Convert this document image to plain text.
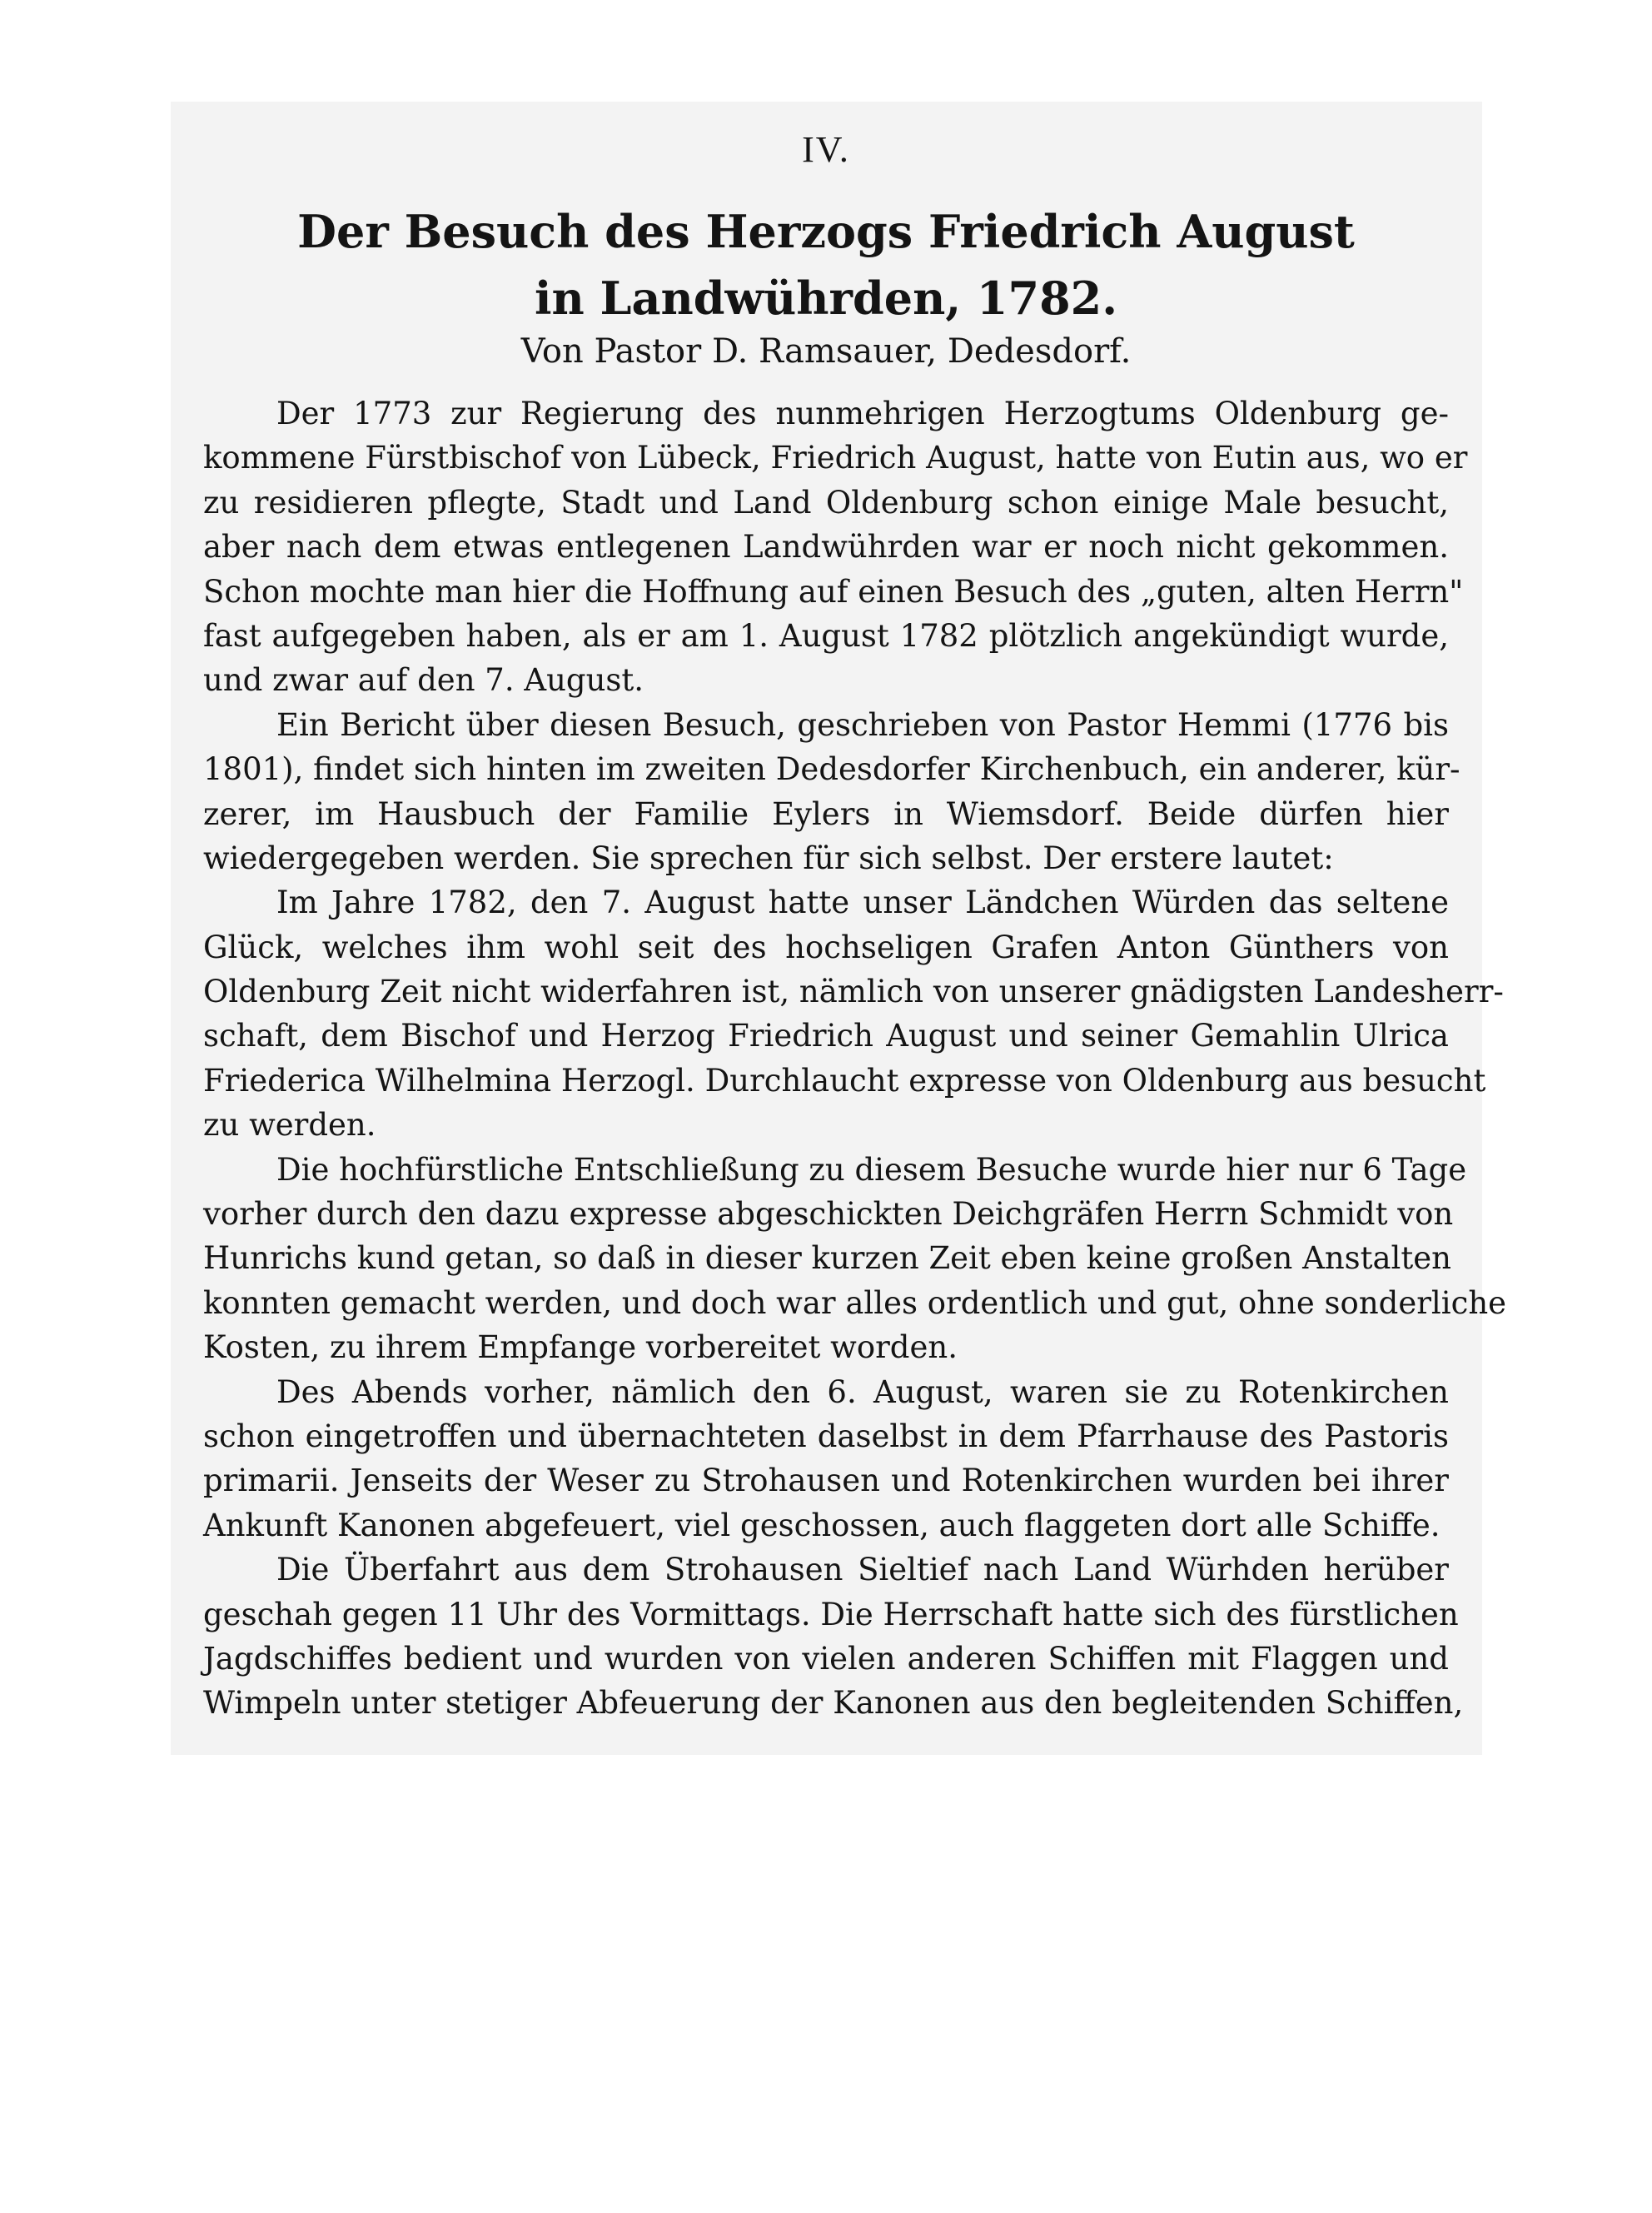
IV.
Der Besuch des Herzogs Friedrich August
in Landwührden, 1782.
Von Pastor D. Ramsauer, Dedesdorf.
Der 1773 zur Regierung des nunmehrigen Herzogtums Oldenburg ge-
kommene Fürstbischof von Lübeck, Friedrich August, hatte von Eutin aus, wo er
zu residieren pflegte, Stadt und Land Oldenburg schon einige Male besucht,
aber nach dem etwas entlegenen Landwührden war er noch nicht gekommen.
Schon mochte man hier die Hoffnung auf einen Besuch des „guten, alten Herrn"
fast aufgegeben haben, als er am 1. August 1782 plötzlich angekündigt wurde,
und zwar auf den 7. August.
Ein Bericht über diesen Besuch, geschrieben von Pastor Hemmi (1776 bis
1801), findet sich hinten im zweiten Dedesdorfer Kirchenbuch, ein anderer, kür-
zerer, im Hausbuch der Familie Eylers in Wiemsdorf. Beide dürfen hier
wiedergegeben werden. Sie sprechen für sich selbst. Der erstere lautet:
Im Jahre 1782, den 7. August hatte unser Ländchen Würden das seltene
Glück, welches ihm wohl seit des hochseligen Grafen Anton Günthers von
Oldenburg Zeit nicht widerfahren ist, nämlich von unserer gnädigsten Landesherr-
schaft, dem Bischof und Herzog Friedrich August und seiner Gemahlin Ulrica
Friederica Wilhelmina Herzogl. Durchlaucht expresse von Oldenburg aus besucht
zu werden.
Die hochfürstliche Entschließung zu diesem Besuche wurde hier nur 6 Tage
vorher durch den dazu expresse abgeschickten Deichgräfen Herrn Schmidt von
Hunrichs kund getan, so daß in dieser kurzen Zeit eben keine großen Anstalten
konnten gemacht werden, und doch war alles ordentlich und gut, ohne sonderliche
Kosten, zu ihrem Empfange vorbereitet worden.
Des Abends vorher, nämlich den 6. August, waren sie zu Rotenkirchen
schon eingetroffen und übernachteten daselbst in dem Pfarrhause des Pastoris
primarii. Jenseits der Weser zu Strohausen und Rotenkirchen wurden bei ihrer
Ankunft Kanonen abgefeuert, viel geschossen, auch flaggeten dort alle Schiffe.
Die Überfahrt aus dem Strohausen Sieltief nach Land Würhden herüber
geschah gegen 11 Uhr des Vormittags. Die Herrschaft hatte sich des fürstlichen
Jagdschiffes bedient und wurden von vielen anderen Schiffen mit Flaggen und
Wimpeln unter stetiger Abfeuerung der Kanonen aus den begleitenden Schiffen,
